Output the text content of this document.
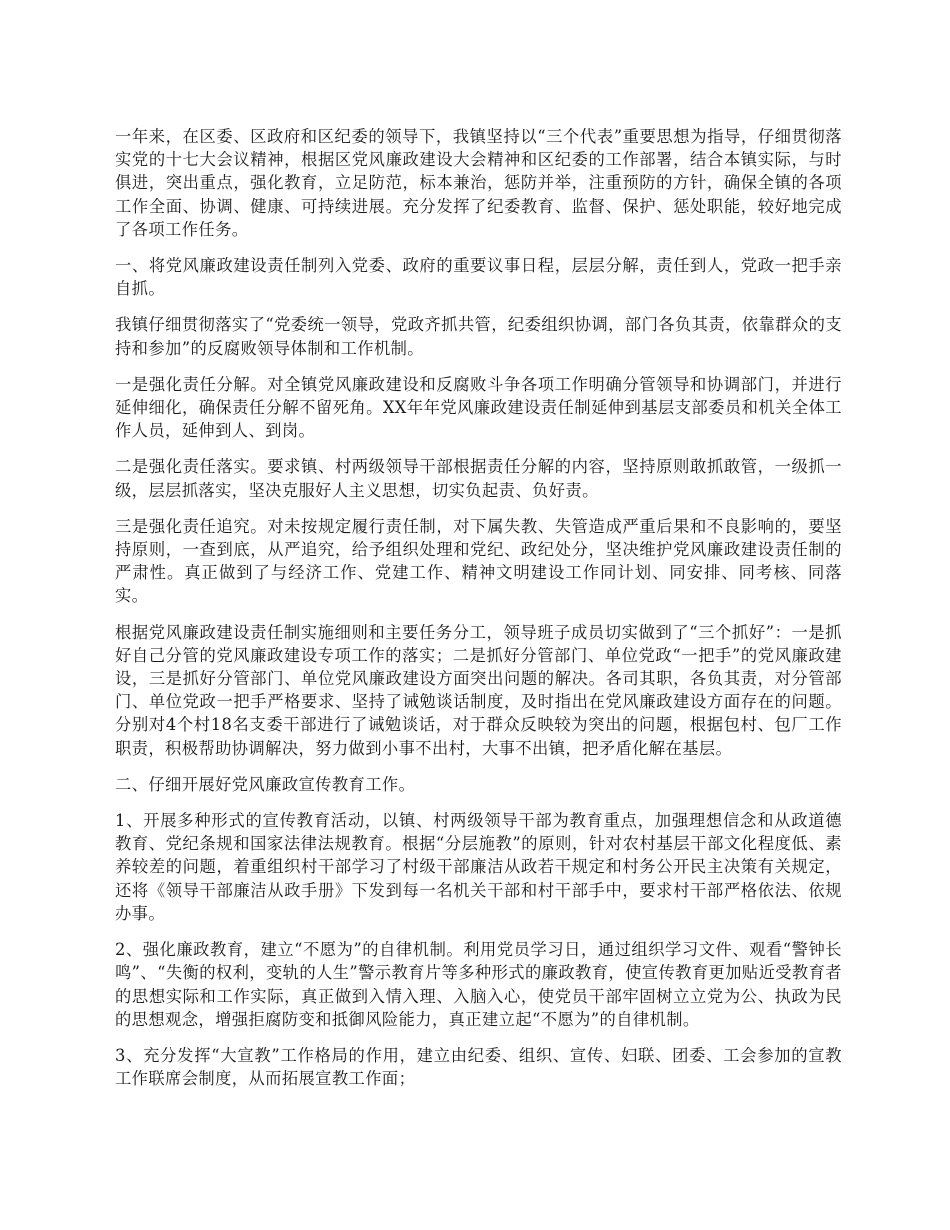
一年来，在区委、区政府和区纪委的领导下，我镇坚持以“三个代表”重要思想为指导，仔细贯彻落实党的十七大会议精神，根据区党风廉政建设大会精神和区纪委的工作部署，结合本镇实际，与时俱进，突出重点，强化教育，立足防范，标本兼治，惩防并举，注重预防的方针，确保全镇的各项工作全面、协调、健康、可持续进展。充分发挥了纪委教育、监督、保护、惩处职能，较好地完成了各项工作任务。

一、将党风廉政建设责任制列入党委、政府的重要议事日程，层层分解，责任到人，党政一把手亲自抓。

我镇仔细贯彻落实了“党委统一领导，党政齐抓共管，纪委组织协调，部门各负其责，依靠群众的支持和参加”的反腐败领导体制和工作机制。

一是强化责任分解。对全镇党风廉政建设和反腐败斗争各项工作明确分管领导和协调部门，并进行延伸细化，确保责任分解不留死角。XX年年党风廉政建设责任制延伸到基层支部委员和机关全体工作人员，延伸到人、到岗。

二是强化责任落实。要求镇、村两级领导干部根据责任分解的内容，坚持原则敢抓敢管，一级抓一级，层层抓落实，坚决克服好人主义思想，切实负起责、负好责。

三是强化责任追究。对未按规定履行责任制，对下属失教、失管造成严重后果和不良影响的，要坚持原则，一查到底，从严追究，给予组织处理和党纪、政纪处分，坚决维护党风廉政建设责任制的严肃性。真正做到了与经济工作、党建工作、精神文明建设工作同计划、同安排、同考核、同落实。

根据党风廉政建设责任制实施细则和主要任务分工，领导班子成员切实做到了“三个抓好”：一是抓好自己分管的党风廉政建设专项工作的落实；二是抓好分管部门、单位党政“一把手”的党风廉政建设，三是抓好分管部门、单位党风廉政建设方面突出问题的解决。各司其职，各负其责，对分管部门、单位党政一把手严格要求、坚持了诫勉谈话制度，及时指出在党风廉政建设方面存在的问题。分别对4个村18名支委干部进行了诫勉谈话，对于群众反映较为突出的问题，根据包村、包厂工作职责，积极帮助协调解决，努力做到小事不出村，大事不出镇，把矛盾化解在基层。

二、仔细开展好党风廉政宣传教育工作。

1、开展多种形式的宣传教育活动，以镇、村两级领导干部为教育重点，加强理想信念和从政道德教育、党纪条规和国家法律法规教育。根据“分层施教”的原则，针对农村基层干部文化程度低、素养较差的问题，着重组织村干部学习了村级干部廉洁从政若干规定和村务公开民主决策有关规定，还将《领导干部廉洁从政手册》下发到每一名机关干部和村干部手中，要求村干部严格依法、依规办事。

2、强化廉政教育，建立“不愿为”的自律机制。利用党员学习日，通过组织学习文件、观看“警钟长鸣”、“失衡的权利，变轨的人生”警示教育片等多种形式的廉政教育，使宣传教育更加贴近受教育者的思想实际和工作实际，真正做到入情入理、入脑入心，使党员干部牢固树立立党为公、执政为民的思想观念，增强拒腐防变和抵御风险能力，真正建立起“不愿为”的自律机制。

3、充分发挥“大宣教”工作格局的作用，建立由纪委、组织、宣传、妇联、团委、工会参加的宣教工作联席会制度，从而拓展宣教工作面；
